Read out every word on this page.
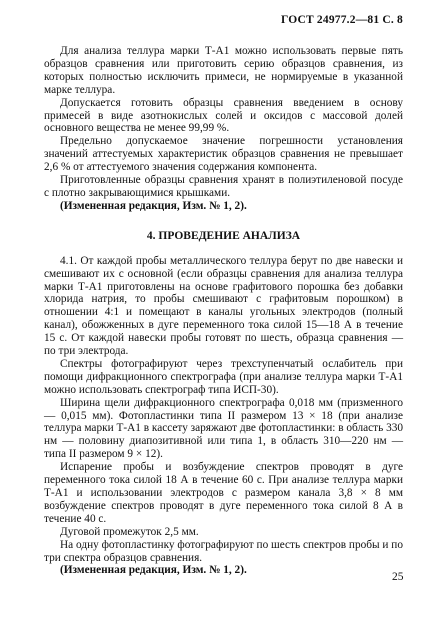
ГОСТ 24977.2—81 С. 8

Для анализа теллура марки Т-А1 можно использовать первые пять образцов сравнения или приготовить серию образцов сравнения, из которых полностью исключить примеси, не нормируемые в указанной марке теллура.

Допускается готовить образцы сравнения введением в основу примесей в виде азотнокислых солей и оксидов с массовой долей основного вещества не менее 99,99 %.

Предельно допускаемое значение погрешности установления значений аттестуемых характеристик образцов сравнения не превышает 2,6 % от аттестуемого значения содержания компонента.

Приготовленные образцы сравнения хранят в полиэтиленовой посуде с плотно закрывающимися крышками.

(Измененная редакция, Изм. № 1, 2).

4. ПРОВЕДЕНИЕ АНАЛИЗА

4.1. От каждой пробы металлического теллура берут по две навески и смешивают их с основной (если образцы сравнения для анализа теллура марки Т-А1 приготовлены на основе графитового порошка без добавки хлорида натрия, то пробы смешивают с графитовым порошком) в отношении 4:1 и помещают в каналы угольных электродов (полный канал), обожженных в дуге переменного тока силой 15—18 А в течение 15 с. От каждой навески пробы готовят по шесть, образца сравнения — по три электрода.

Спектры фотографируют через трехступенчатый ослабитель при помощи дифракционного спектрографа (при анализе теллура марки Т-А1 можно использовать спектрограф типа ИСП-30).

Ширина щели дифракционного спектрографа 0,018 мм (призменного — 0,015 мм). Фотопластинки типа II размером 13 × 18 (при анализе теллура марки Т-А1 в кассету заряжают две фотопластинки: в область 330 нм — половину диапозитивной или типа 1, в область 310—220 нм — типа II размером 9 × 12).

Испарение пробы и возбуждение спектров проводят в дуге переменного тока силой 18 А в течение 60 с. При анализе теллура марки Т-А1 и использовании электродов с размером канала 3,8 × 8 мм возбуждение спектров проводят в дуге переменного тока силой 8 А в течение 40 с.

Дуговой промежуток 2,5 мм.

На одну фотопластинку фотографируют по шесть спектров пробы и по три спектра образцов сравнения.

(Измененная редакция, Изм. № 1, 2).

25
